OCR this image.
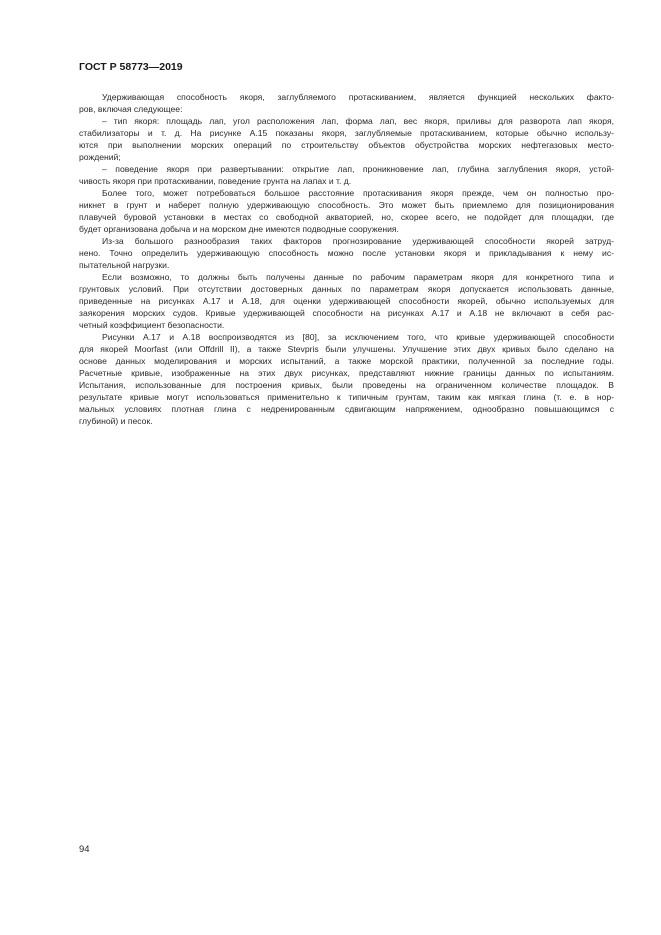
ГОСТ Р 58773—2019
Удерживающая способность якоря, заглубляемого протаскиванием, является функцией нескольких факто-
ров, включая следующее:
– тип якоря: площадь лап, угол расположения лап, форма лап, вес якоря, приливы для разворота лап якоря,
стабилизаторы и т. д. На рисунке А.15 показаны якоря, заглубляемые протаскиванием, которые обычно использу-
ются при выполнении морских операций по строительству объектов обустройства морских нефтегазовых место-
рождений;
– поведение якоря при развертывании: открытие лап, проникновение лап, глубина заглубления якоря, устой-
чивость якоря при протаскивании, поведение грунта на лапах и т. д.
Более того, может потребоваться большое расстояние протаскивания якоря прежде, чем он полностью про-
никнет в грунт и наберет полную удерживающую способность. Это может быть приемлемо для позиционирования
плавучей буровой установки в местах со свободной акваторией, но, скорее всего, не подойдет для площадки, где
будет организована добыча и на морском дне имеются подводные сооружения.
Из-за большого разнообразия таких факторов прогнозирование удерживающей способности якорей затруд-
нено. Точно определить удерживающую способность можно после установки якоря и прикладывания к нему ис-
пытательной нагрузки.
Если возможно, то должны быть получены данные по рабочим параметрам якоря для конкретного типа и
грунтовых условий. При отсутствии достоверных данных по параметрам якоря допускается использовать данные,
приведенные на рисунках А.17 и А.18, для оценки удерживающей способности якорей, обычно используемых для
заякорения морских судов. Кривые удерживающей способности на рисунках А.17 и А.18 не включают в себя рас-
четный коэффициент безопасности.
Рисунки А.17 и А.18 воспроизводятся из [80], за исключением того, что кривые удерживающей способности
для якорей Moorfast (или Offdrill II), а также Stevpris были улучшены. Улучшение этих двух кривых было сделано на
основе данных моделирования и морских испытаний, а также морской практики, полученной за последние годы.
Расчетные кривые, изображенные на этих двух рисунках, представляют нижние границы данных по испытаниям.
Испытания, использованные для построения кривых, были проведены на ограниченном количестве площадок. В
результате кривые могут использоваться применительно к типичным грунтам, таким как мягкая глина (т. е. в нор-
мальных условиях плотная глина с недренированным сдвигающим напряжением, однообразно повышающимся с
глубиной) и песок.
94
